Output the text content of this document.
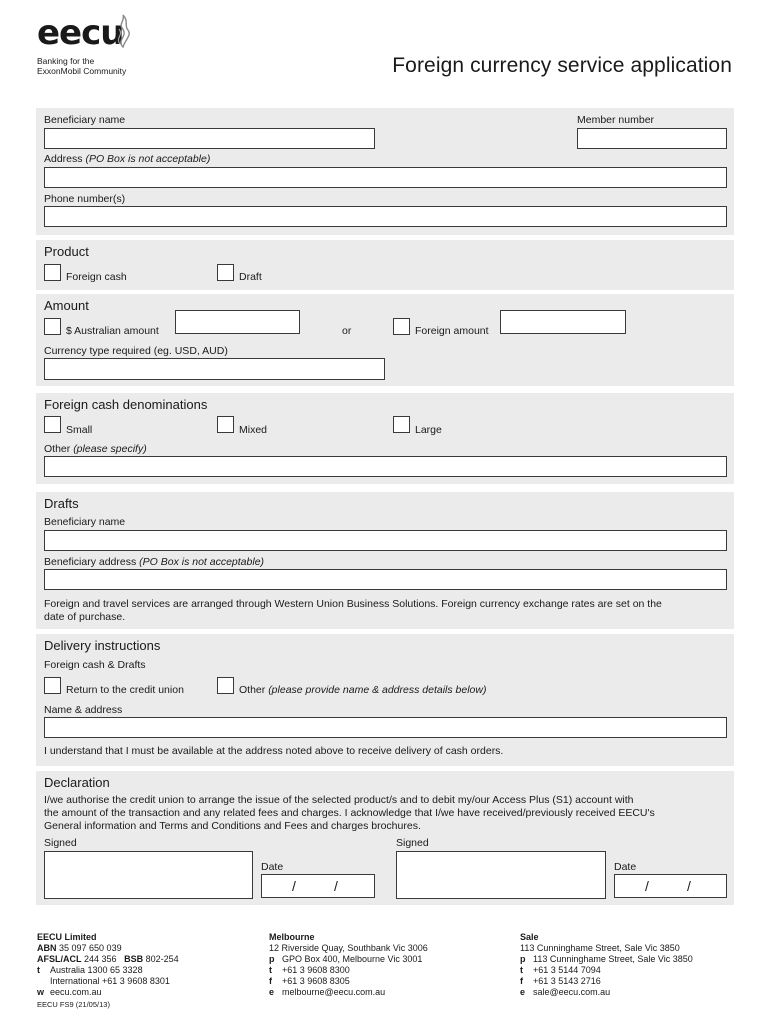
eecu
Banking for the
ExxonMobil Community	Foreign currency service application
Beneficiary name	Member number
Address (PO Box is not acceptable)
Phone number(s)
Product
Foreign cash	Draft
Amount
$ Australian amount	or	Foreign amount
Currency type required (eg. USD, AUD)
Foreign cash denominations
Small	Mixed	Large
Other (please specify)
Drafts
Beneficiary name
Beneficiary address (PO Box is not acceptable)
Foreign and travel services are arranged through Western Union Business Solutions. Foreign currency exchange rates are set on the
date of purchase.
Delivery instructions
Foreign cash & Drafts
Return to the credit union	Other (please provide name & address details below)
Name & address
I understand that I must be available at the address noted above to receive delivery of cash orders.
Declaration
I/we authorise the credit union to arrange the issue of the selected product/s and to debit my/our Access Plus (S1) account with
the amount of the transaction and any related fees and charges. I acknowledge that I/we have received/previously received EECU's
General information and Terms and Conditions and Fees and charges brochures.
Signed	Signed
Date
/	/
Date
/	/
EECU Limited
ABN 35 097 650 039
AFSL/ACL 244 356 BSB 802-254
t Australia 1300 65 3328
International +61 3 9608 8301
w eecu.com.au
Melbourne
12 Riverside Quay, Southbank Vic 3006
p GPO Box 400, Melbourne Vic 3001
t +61 3 9608 8300
f +61 3 9608 8305
e melbourne@eecu.com.au
Sale
113 Cunninghame Street, Sale Vic 3850
p 113 Cunninghame Street, Sale Vic 3850
t +61 3 5144 7094
f +61 3 5143 2716
e sale@eecu.com.au
EECU FS9 (21/05/13)
